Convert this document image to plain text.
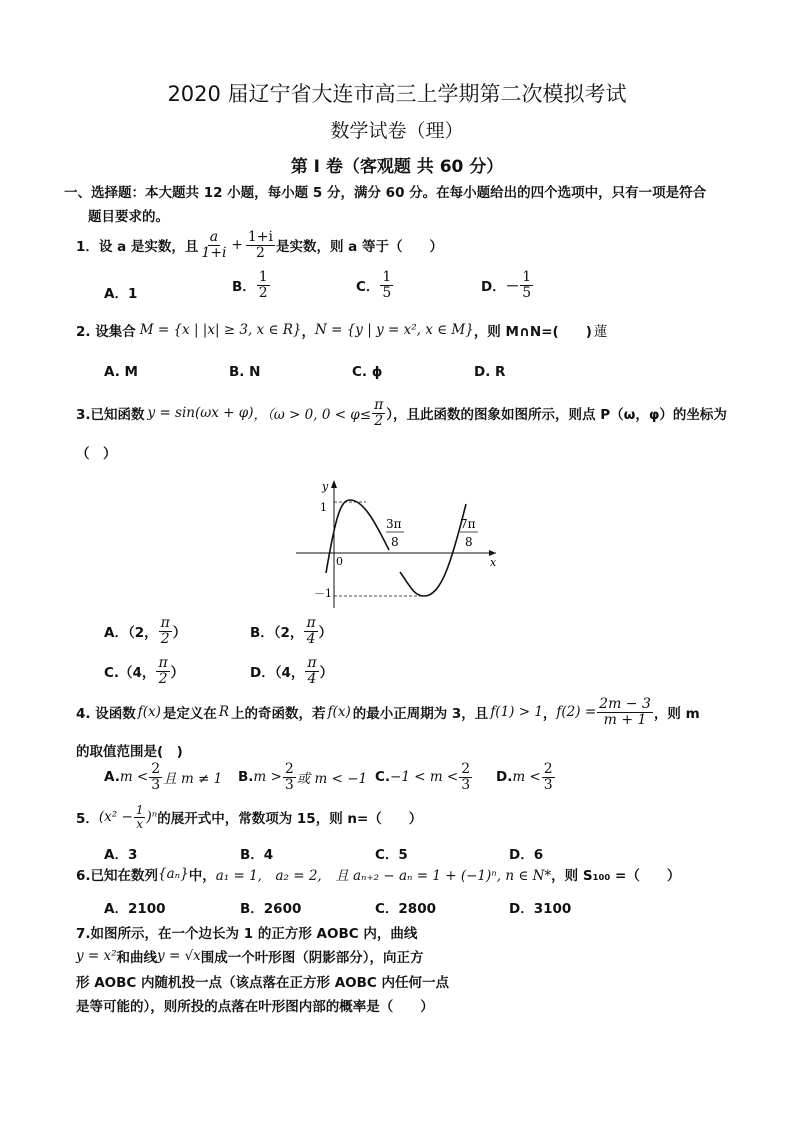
2020 届辽宁省大连市高三上学期第二次模拟考试
数学试卷（理）
第 I 卷（客观题 共 60 分）
一、选择题：本大题共 12 小题，每小题 5 分，满分 60 分。在每小题给出的四个选项中，只有一项是符合
题目要求的。
1．设 a 是实数，且 $\frac{a}{1+i} + \frac{1+i}{2}$ 是实数，则 a 等于（　　）
A．1	B． $\frac{1}{2}$	C． $\frac{1}{5}$	D．－ $\frac{1}{5}$
2. 设集合 M = {x | |x| ≥ 3, x ∈ R} ， N = {y | y = x², x ∈ M} ，则 M∩N=(　　) 蓮
A. M	B. N	C. ϕ	D. R
3.已知函数 y = sin(ωx + φ) ，（ω > 0, $0 < \varphi\le \frac{\pi}{2}$ ），且此函数的图象如图所示，则点 P（ω，φ）的坐标为
（　）
y
x
0
1
－1
3π
8
7π
8
A．（2， $\frac{\pi}{2}$ ）	B．（2， $\frac{\pi}{4}$ ）
C.（4， $\frac{\pi}{2}$ ）	D．（4， $\frac{\pi}{4}$ ）
4. 设函数 f(x) 是定义在 R 上的奇函数，若 f(x) 的最小正周期为 3，且 f(1) > 1 ， $f(2) = \frac{2m - 3}{m + 1}$ ，则 m
的取值范围是(　)
A. $m < \frac{2}{3}$ 且 m ≠ 1 B. $m > \frac{2}{3}$ 或 m < −1 C. $-1 < m < \frac{2}{3} D$. $m < \frac{2}{3}$
5． $(x^2 - \frac{1}{x} )^n$ 的展开式中，常数项为 15，则 n=（　　）
A．3	B．4	C．5	D．6
6.已知在数列 {aₙ} 中， a₁ = 1,　a₂ = 2,　且 aₙ₊₂ − aₙ = 1 + (−1)ⁿ, n ∈ N* ，则 S₁₀₀ =（　　）
A．2100	B．2600	C．2800	D．3100
7.如图所示，在一个边长为 1 的正方形 AOBC 内，曲线
y = x² 和曲线 y = √x 围成一个叶形图（阴影部分），向正方
形 AOBC 内随机投一点（该点落在正方形 AOBC 内任何一点
是等可能的），则所投的点落在叶形图内部的概率是（　　）
